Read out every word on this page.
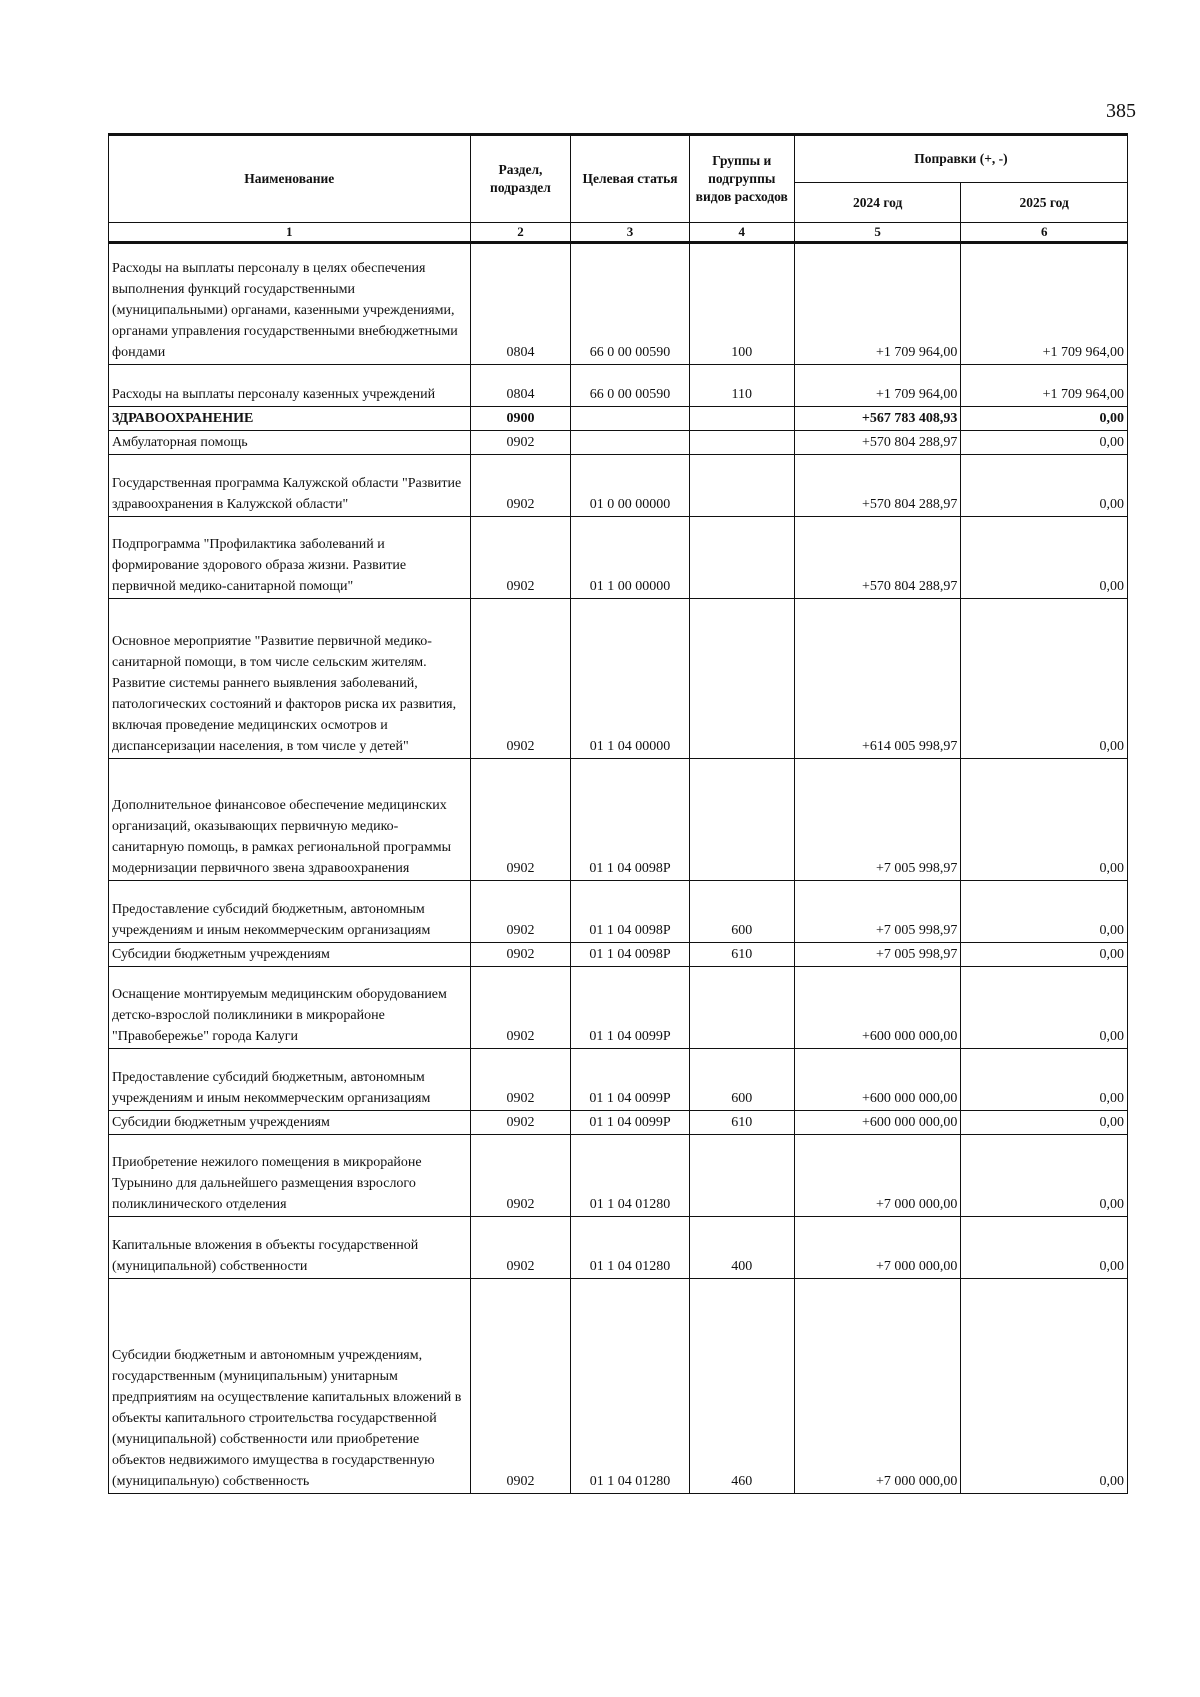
385
Наименование	Раздел, подраздел	Целевая статья	Группы и подгруппы видов расходов	Поправки (+, -)	
				2024 год	2025 год
1	2	3	4	5	6
Расходы на выплаты персоналу в целях обеспечения выполнения функций государственными (муниципальными) органами, казенными учреждениями, органами управления государственными внебюджетными фондами	0804	66 0 00 00590	100	+1 709 964,00	+1 709 964,00
Расходы на выплаты персоналу казенных учреждений	0804	66 0 00 00590	110	+1 709 964,00	+1 709 964,00
ЗДРАВООХРАНЕНИЕ	0900			+567 783 408,93	0,00
Амбулаторная помощь	0902			+570 804 288,97	0,00
Государственная программа Калужской области "Развитие здравоохранения в Калужской области"	0902	01 0 00 00000		+570 804 288,97	0,00
Подпрограмма "Профилактика заболеваний и формирование здорового образа жизни. Развитие первичной медико-санитарной помощи"	0902	01 1 00 00000		+570 804 288,97	0,00
Основное мероприятие "Развитие первичной медико-санитарной помощи, в том числе сельским жителям. Развитие системы раннего выявления заболеваний, патологических состояний и факторов риска их развития, включая проведение медицинских осмотров и диспансеризации населения, в том числе у детей"	0902	01 1 04 00000		+614 005 998,97	0,00
Дополнительное финансовое обеспечение медицинских организаций, оказывающих первичную медико-санитарную помощь, в рамках региональной программы модернизации первичного звена здравоохранения	0902	01 1 04 0098P		+7 005 998,97	0,00
Предоставление субсидий бюджетным, автономным учреждениям и иным некоммерческим организациям	0902	01 1 04 0098P	600	+7 005 998,97	0,00
Субсидии бюджетным учреждениям	0902	01 1 04 0098P	610	+7 005 998,97	0,00
Оснащение монтируемым медицинским оборудованием детско-взрослой поликлиники в микрорайоне "Правобережье" города Калуги	0902	01 1 04 0099P		+600 000 000,00	0,00
Предоставление субсидий бюджетным, автономным учреждениям и иным некоммерческим организациям	0902	01 1 04 0099P	600	+600 000 000,00	0,00
Субсидии бюджетным учреждениям	0902	01 1 04 0099P	610	+600 000 000,00	0,00
Приобретение нежилого помещения в микрорайоне Турынино для дальнейшего размещения взрослого поликлинического отделения	0902	01 1 04 01280		+7 000 000,00	0,00
Капитальные вложения в объекты государственной (муниципальной) собственности	0902	01 1 04 01280	400	+7 000 000,00	0,00
Субсидии бюджетным и автономным учреждениям, государственным (муниципальным) унитарным предприятиям на осуществление капитальных вложений в объекты капитального строительства государственной (муниципальной) собственности или приобретение объектов недвижимого имущества в государственную (муниципальную) собственность	0902	01 1 04 01280	460	+7 000 000,00	0,00
